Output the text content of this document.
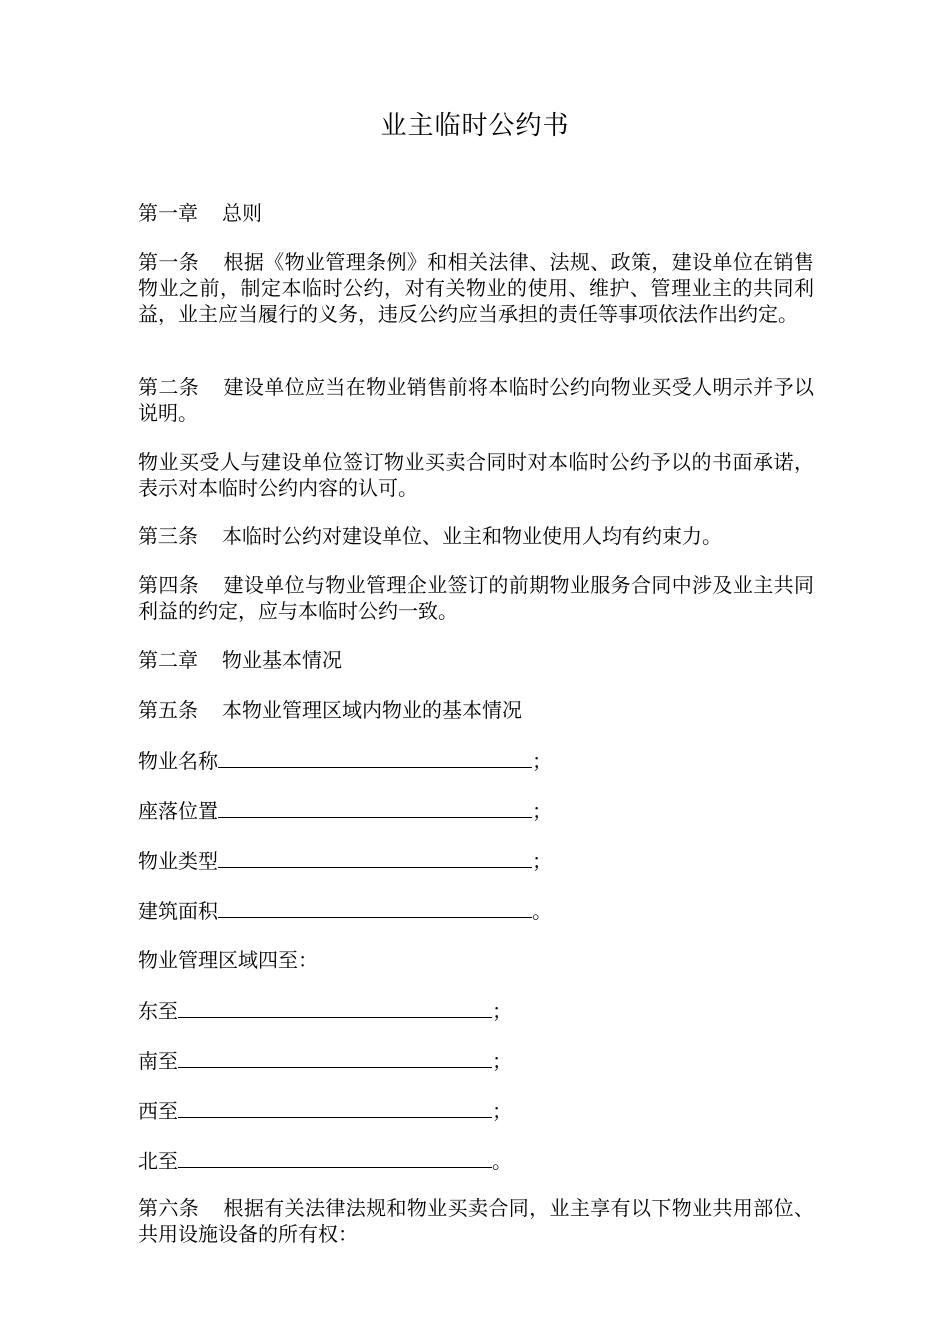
业主临时公约书
第一章 总则
第一条 根据《物业管理条例》和相关法律、法规、政策，建设单位在销售物业之前，制定本临时公约，对有关物业的使用、维护、管理业主的共同利益，业主应当履行的义务，违反公约应当承担的责任等事项依法作出约定。
第二条 建设单位应当在物业销售前将本临时公约向物业买受人明示并予以说明。
物业买受人与建设单位签订物业买卖合同时对本临时公约予以的书面承诺，表示对本临时公约内容的认可。
第三条 本临时公约对建设单位、业主和物业使用人均有约束力。
第四条 建设单位与物业管理企业签订的前期物业服务合同中涉及业主共同利益的约定，应与本临时公约一致。
第二章 物业基本情况
第五条 本物业管理区域内物业的基本情况
物业名称	；
座落位置	；
物业类型	；
建筑面积	。
物业管理区域四至：
东至	；
南至	；
西至	；
北至	。
第六条 根据有关法律法规和物业买卖合同，业主享有以下物业共用部位、共用设施设备的所有权：
